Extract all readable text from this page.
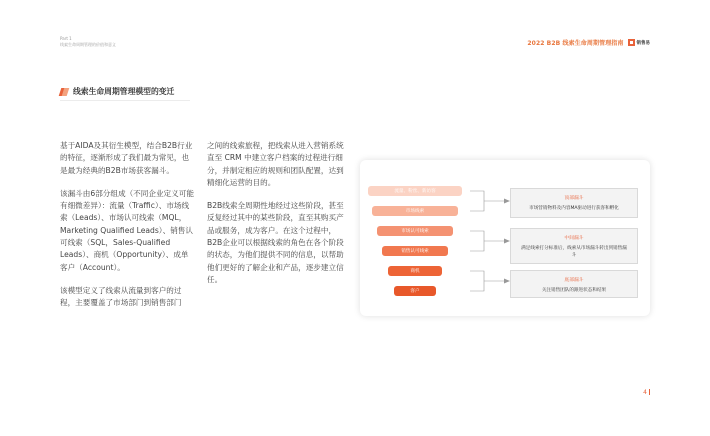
Part 1
线索生命周期管理的价值和意义	2022 B2B 线索生命周期管理指南	销售易
线索生命周期管理模型的变迁

基于AIDA及其衍生模型，结合B2B行业的特征，逐渐形成了我们最为常见，也是最为经典的B2B市场获客漏斗。

该漏斗由6部分组成（不同企业定义可能有细微差异）：流量（Traffic）、市场线索（Leads）、市场认可线索（MQL，Marketing Qualified Leads）、销售认可线索（SQL，Sales-Qualified Leads）、商机（Opportunity）、成单客户（Account）。

该模型定义了线索从流量到客户的过程，主要覆盖了市场部门到销售部门

之间的线索旅程，把线索从进入营销系统直至 CRM 中建立客户档案的过程进行细分，并制定相应的规则和团队配置，达到精细化运营的目的。

B2B线索全周期性地经过这些阶段，甚至反复经过其中的某些阶段，直至其购买产品或服务，成为客户。在这个过程中，B2B企业可以根据线索的角色在各个阶段的状态，为他们提供不同的信息，以帮助他们更好的了解企业和产品，逐步建立信任。

流量、粉丝、新访客
市场线索
市场认可线索
销售认可线索
商机
客户
顶部漏斗
市场营销物料及内容MA驱动进行获客和孵化
中间漏斗
满足线索打分标准后，线索从市场漏斗转出到销售漏斗
底部漏斗
关注销售团队的跟进状态和结果
4
